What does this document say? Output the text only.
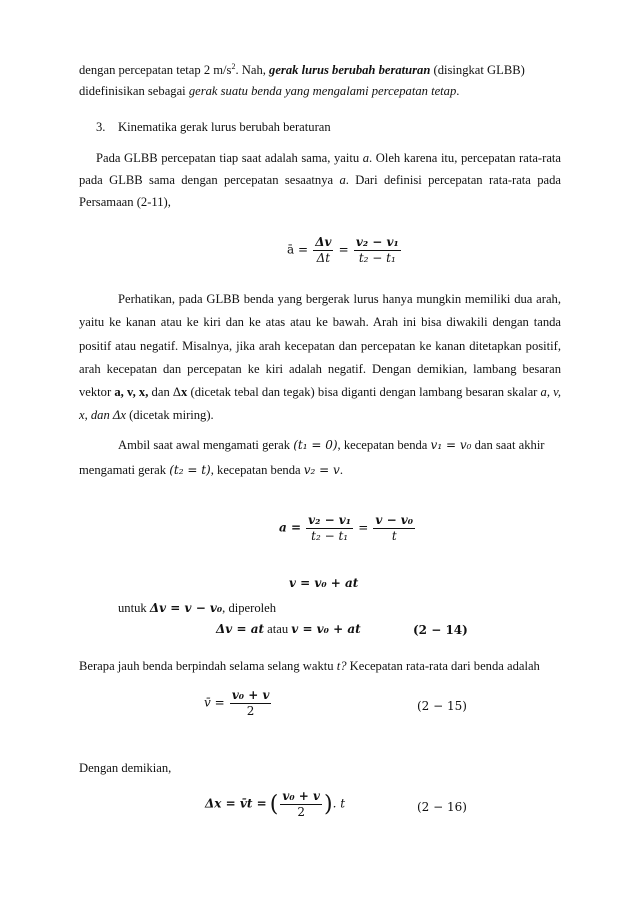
dengan percepatan tetap 2 $m/s^2$. Nah, gerak lurus berubah beraturan (disingkat GLBB)
didefinisikan sebagai gerak suatu benda yang mengalami percepatan tetap.
3. Kinematika gerak lurus berubah beraturan

Pada GLBB percepatan tiap saat adalah sama, yaitu a. Oleh karena itu, percepatan rata-rata pada GLBB sama dengan percepatan sesaatnya a. Dari definisi percepatan rata-rata pada Persamaan (2-11),

ā = $\frac{\Delta v}{\Delta t} = \frac{\text{v₂ − v₁}}{\text{t₂ − t₁}}$

Perhatikan, pada GLBB benda yang bergerak lurus hanya mungkin memiliki dua arah, yaitu ke kanan atau ke kiri dan ke atas atau ke bawah. Arah ini bisa diwakili dengan tanda positif atau negatif. Misalnya, jika arah kecepatan dan percepatan ke kanan ditetapkan positif, arah kecepatan dan percepatan ke kiri adalah negatif. Dengan demikian, lambang besaran vektor a, v, x, dan Δx (dicetak tebal dan tegak) bisa diganti dengan lambang besaran skalar a, v, x, dan Δx (dicetak miring).

Ambil saat awal mengamati gerak (t₁ = 0), kecepatan benda v₁ = v₀ dan saat akhir
mengamati gerak (t₂ = t), kecepatan benda v₂ = v.
$a = \frac{\text{v₂ − v₁}}{\text{t₂ − t₁}} = \frac{\text{v − v₀}}{t}$
v = v₀ + at
untuk Δv = v − v₀, diperoleh
Δv = at atau v = v₀ + at	(2 − 14)
Berapa jauh benda berpindah selama selang waktu t? Kecepatan rata-rata dari benda adalah
v̄ = $\frac{\text{v₀ + v}}{2}$	(2 − 15)
Dengan demikian,
Δx = v̄t = ( $\frac{\text{v₀ + v}}{2}$ ). t	(2 − 16)
